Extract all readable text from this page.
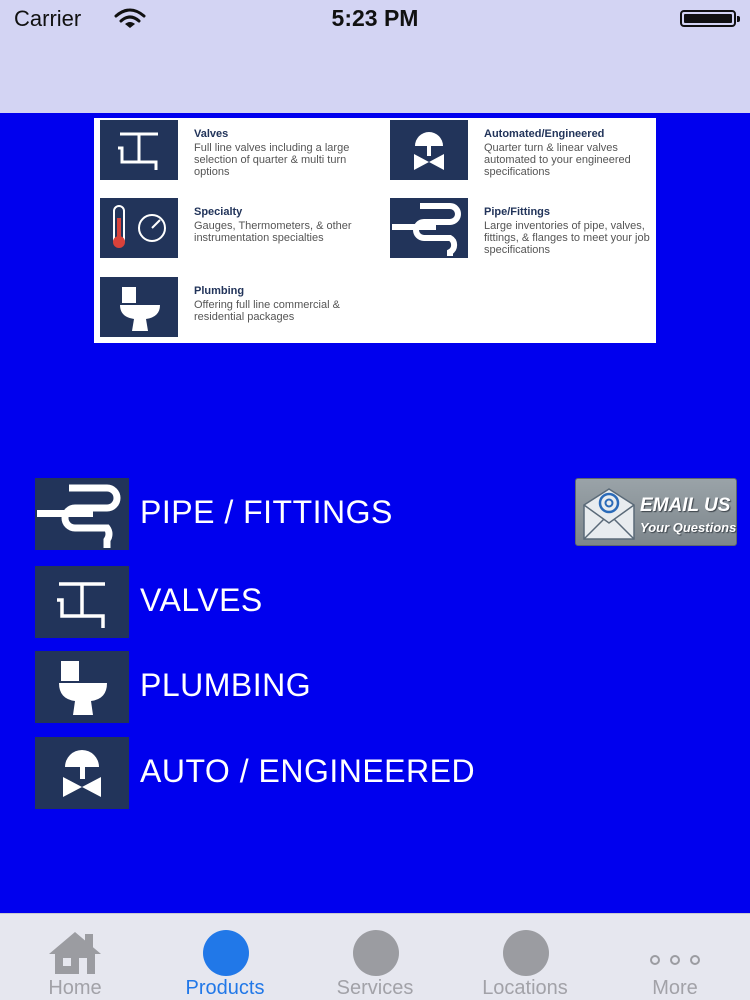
Carrier	5:23 PM
Valves

Full line valves including a large selection of quarter & multi turn options

Automated/Engineered

Quarter turn & linear valves automated to your engineered specifications

Specialty

Gauges, Thermometers, & other instrumentation specialties

Pipe/Fittings

Large inventories of pipe, valves, fittings, & flanges to meet your job specifications

Plumbing

Offering full line commercial & residential packages

PIPE / FITTINGS
VALVES
PLUMBING
AUTO / ENGINEERED
EMAIL US
Your Questions
Home	Products	Services	Locations	More
